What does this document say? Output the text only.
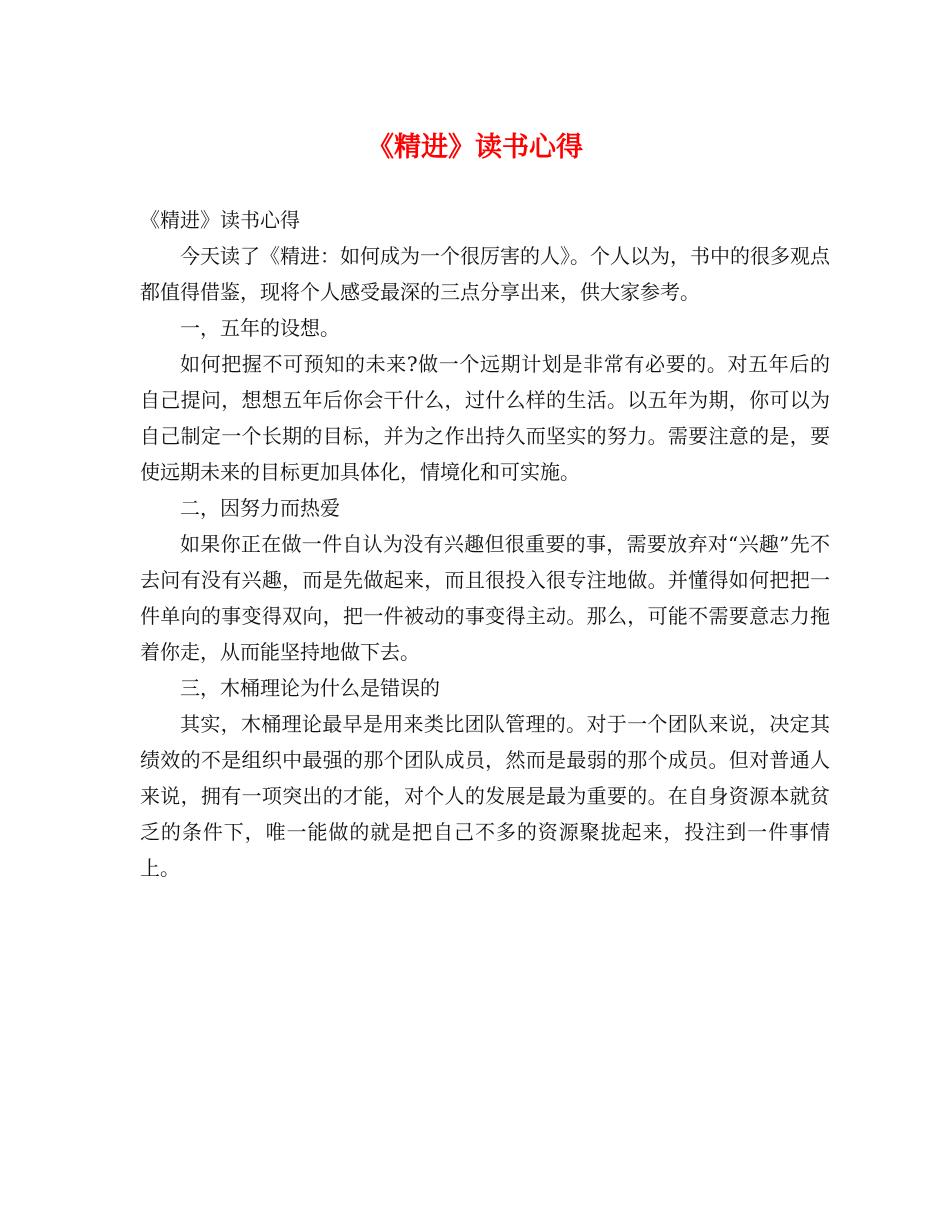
《精进》读书心得

《精进》读书心得

今天读了《精进：如何成为一个很厉害的人》。个人以为，书中的很多观点都值得借鉴，现将个人感受最深的三点分享出来，供大家参考。

一，五年的设想。

如何把握不可预知的未来?做一个远期计划是非常有必要的。对五年后的自己提问，想想五年后你会干什么，过什么样的生活。以五年为期，你可以为自己制定一个长期的目标，并为之作出持久而坚实的努力。需要注意的是，要使远期未来的目标更加具体化，情境化和可实施。

二，因努力而热爱

如果你正在做一件自认为没有兴趣但很重要的事，需要放弃对“兴趣”先不去问有没有兴趣，而是先做起来，而且很投入很专注地做。并懂得如何把把一件单向的事变得双向，把一件被动的事变得主动。那么，可能不需要意志力拖着你走，从而能坚持地做下去。

三，木桶理论为什么是错误的

其实，木桶理论最早是用来类比团队管理的。对于一个团队来说，决定其绩效的不是组织中最强的那个团队成员，然而是最弱的那个成员。但对普通人来说，拥有一项突出的才能，对个人的发展是最为重要的。在自身资源本就贫乏的条件下，唯一能做的就是把自己不多的资源聚拢起来，投注到一件事情上。
